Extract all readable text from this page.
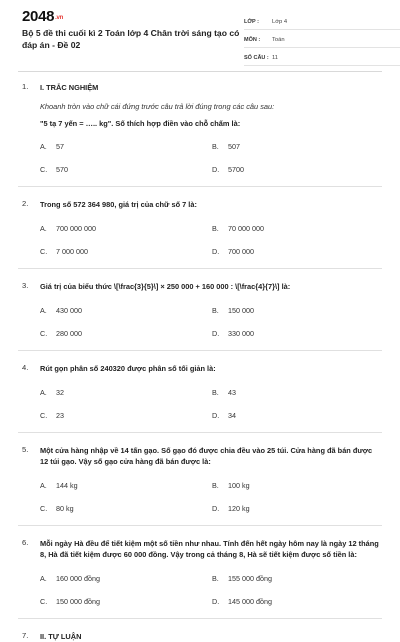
2048.vn
Bộ 5 đề thi cuối kì 2 Toán lớp 4 Chân trời sáng tạo có đáp án - Đề 02
LỚP :	Lớp 4
MÔN :	Toán
SỐ CÂU : 11
1. I. TRẮC NGHIỆM
Khoanh tròn vào chữ cái đứng trước câu trả lời đúng trong các câu sau:
"5 tạ 7 yến = ….. kg". Số thích hợp điền vào chỗ chấm là:
A.	57	B.	507
C.	570	D.	5700
2. Trong số 572 364 980, giá trị của chữ số 7 là:
A.	700 000 000	B.	70 000 000
C.	7 000 000	D.	700 000
3. Giá trị của biểu thức \[\frac{3}{5}\] × 250 000 + 160 000 : \[\frac{4}{7}\] là:
A.	430 000	B.	150 000
C.	280 000	D.	330 000
4. Rút gọn phân số 240320 được phân số tối giản là:
A.	32	B.	43
C.	23	D.	34
5. Một cửa hàng nhập về 14 tấn gạo. Số gạo đó được chia đều vào 25 túi. Cửa hàng đã bán được 12 túi gạo. Vậy số gạo cửa hàng đã bán được là:
A.	144 kg	B.	100 kg
C.	80 kg	D.	120 kg
6. Mỗi ngày Hà đều để tiết kiệm một số tiền như nhau. Tính đến hết ngày hôm nay là ngày 12 tháng 8, Hà đã tiết kiệm được 60 000 đồng. Vậy trong cả tháng 8, Hà sẽ tiết kiệm được số tiền là:
A.	160 000 đồng	B.	155 000 đồng
C.	150 000 đồng	D.	145 000 đồng
7. II. TỰ LUẬN
